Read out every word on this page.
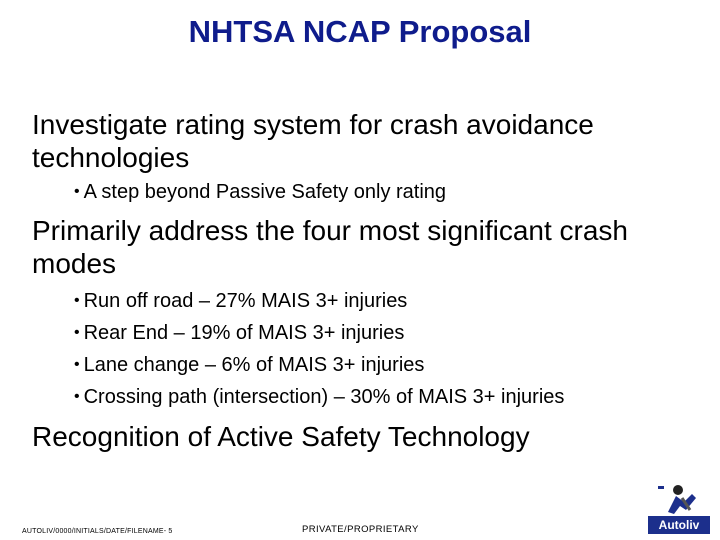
NHTSA NCAP Proposal
Investigate rating system for crash avoidance technologies
• A step beyond Passive Safety only rating
Primarily address the four most significant crash modes
• Run off road – 27% MAIS 3+ injuries
• Rear End – 19% of MAIS 3+ injuries
• Lane change – 6% of MAIS 3+ injuries
• Crossing path (intersection) – 30% of MAIS 3+ injuries
Recognition of Active Safety Technology
AUTOLIV/0000/INITIALS/DATE/FILENAME- 5	PRIVATE/PROPRIETARY	Autoliv
